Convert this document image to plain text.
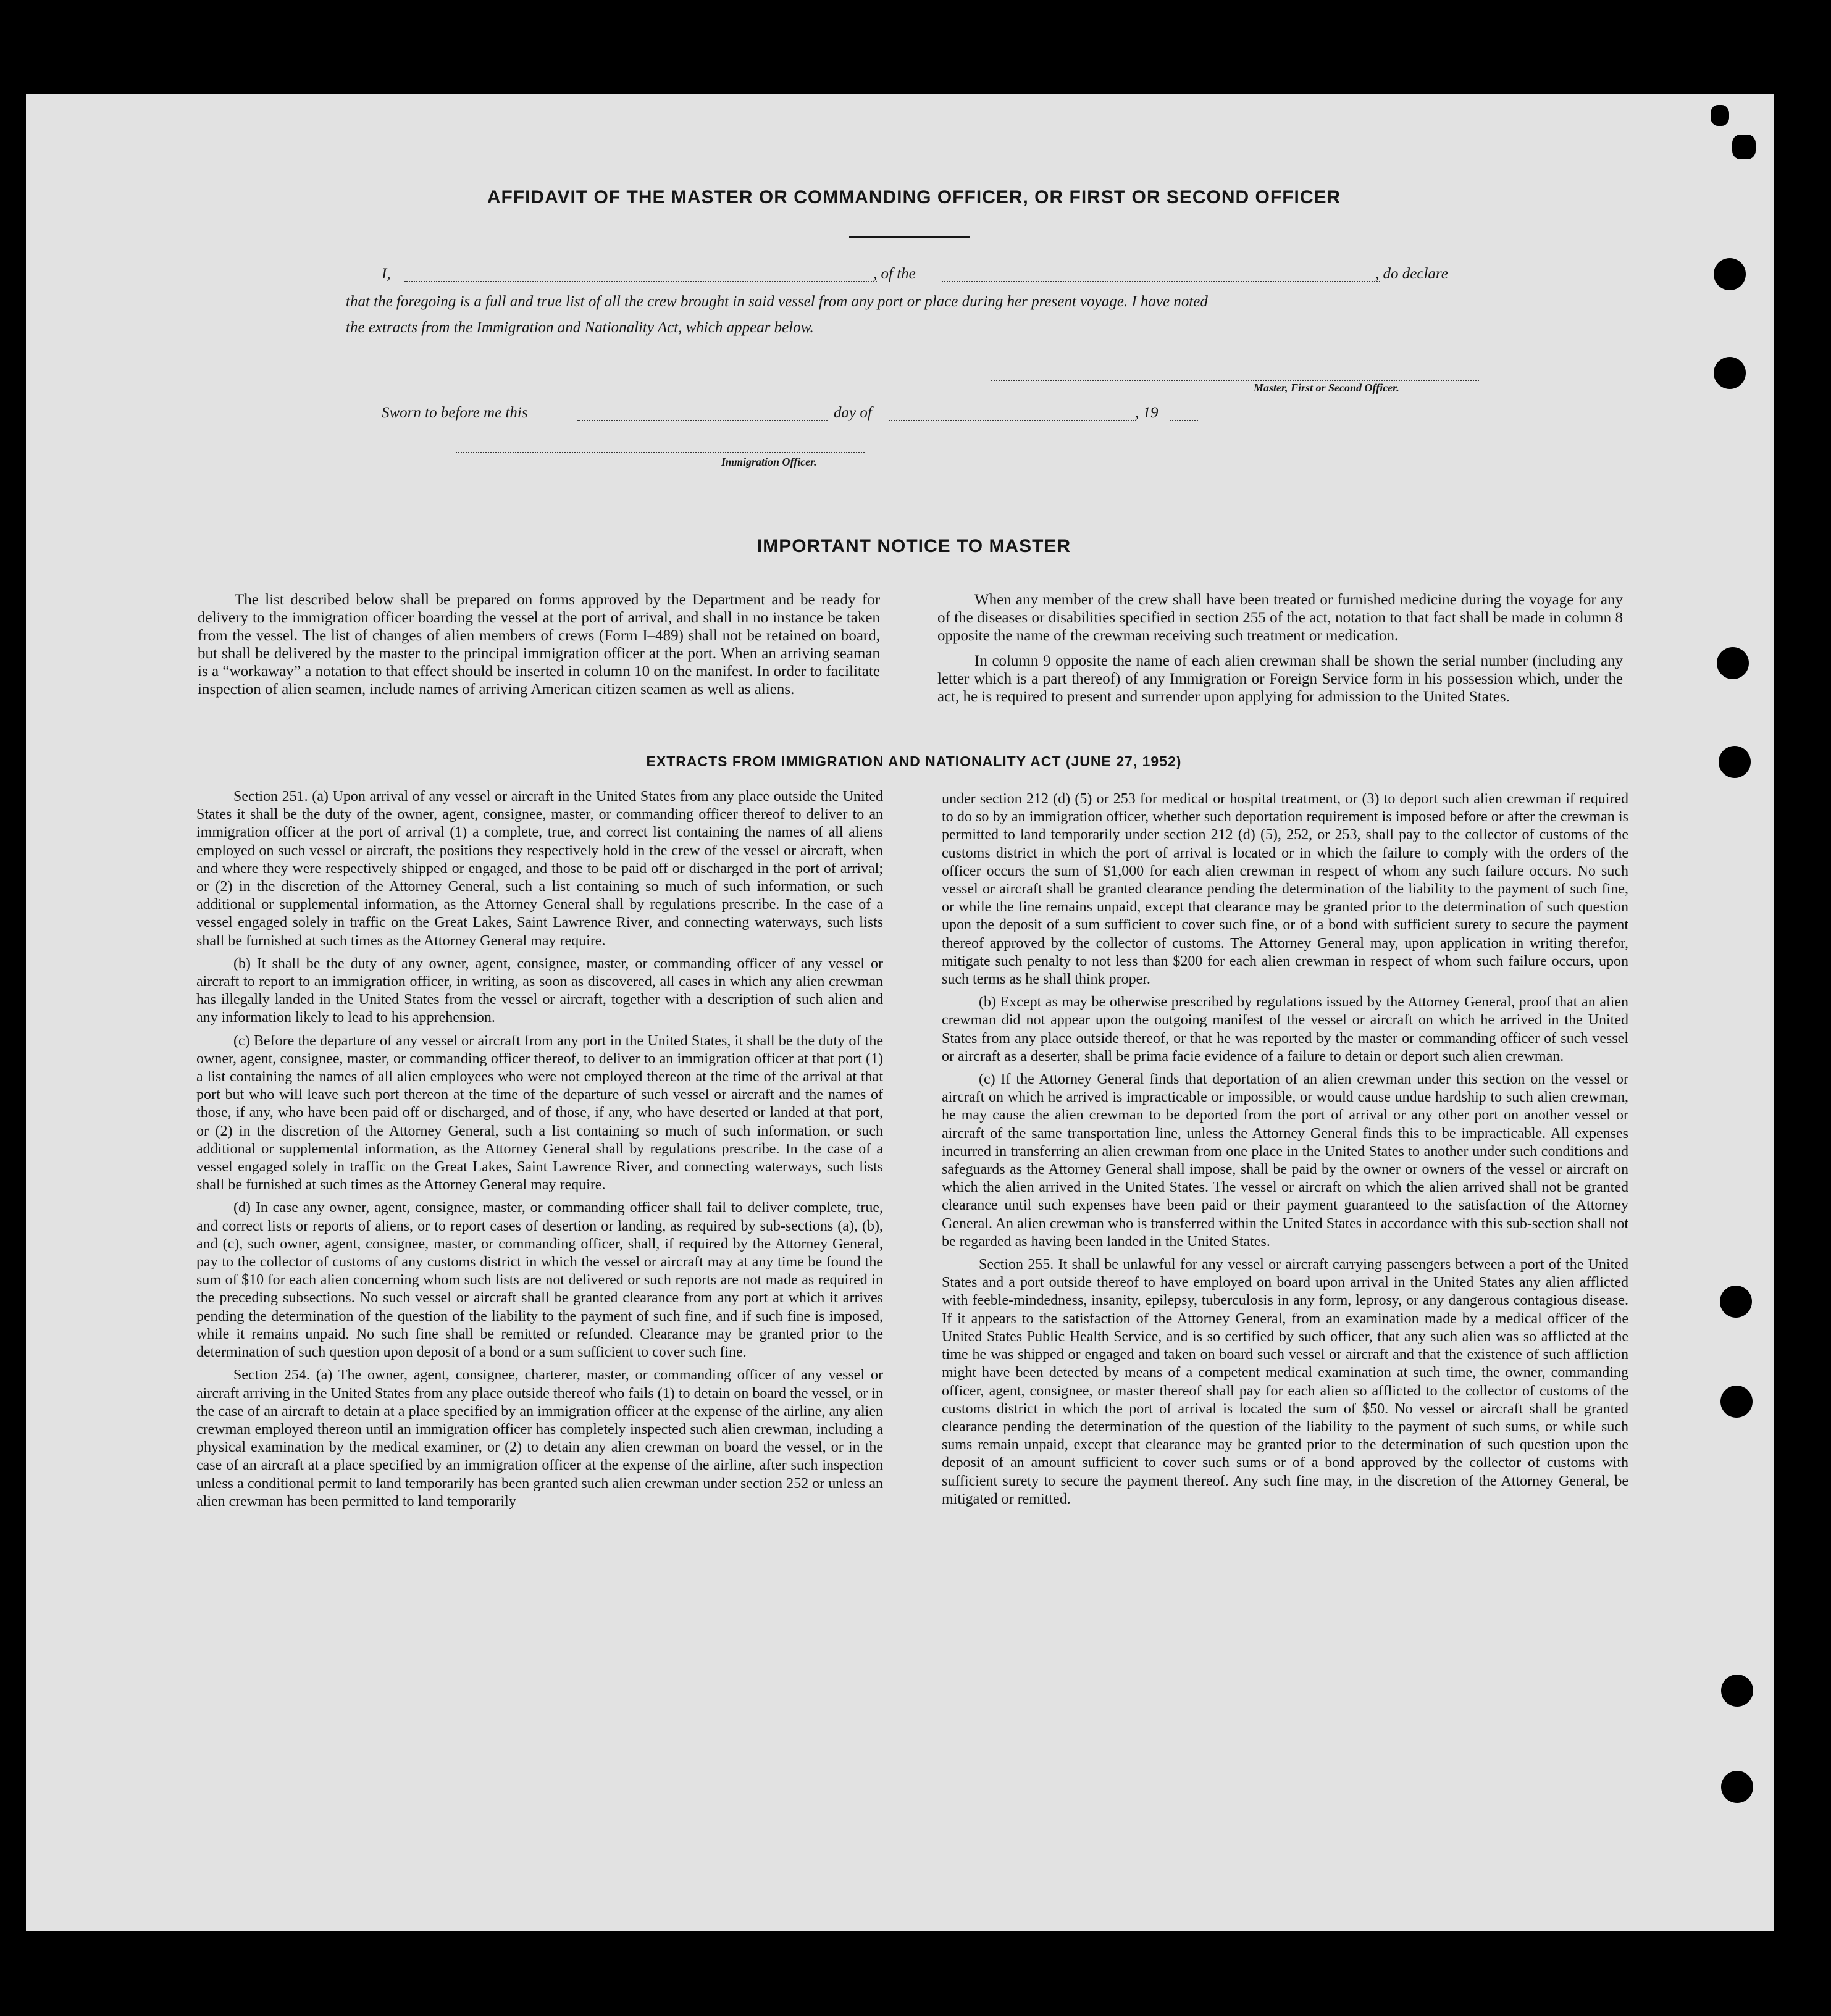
AFFIDAVIT OF THE MASTER OR COMMANDING OFFICER, OR FIRST OR SECOND OFFICER
I,	, of the	, do declare
that the foregoing is a full and true list of all the crew brought in said vessel from any port or place during her present voyage. I have noted
the extracts from the Immigration and Nationality Act, which appear below.
Master, First or Second Officer.
Sworn to before me this	day of	, 19
Immigration Officer.
IMPORTANT NOTICE TO MASTER

The list described below shall be prepared on forms approved by the Department and be ready for delivery to the immigration officer boarding the vessel at the port of arrival, and shall in no instance be taken from the vessel. The list of changes of alien members of crews (Form I–489) shall not be retained on board, but shall be delivered by the master to the principal immigration officer at the port. When an arriving seaman is a “workaway” a notation to that effect should be inserted in column 10 on the manifest. In order to facilitate inspection of alien seamen, include names of arriving American citizen seamen as well as aliens.

When any member of the crew shall have been treated or furnished medicine during the voyage for any of the diseases or disabilities specified in section 255 of the act, notation to that fact shall be made in column 8 opposite the name of the crewman receiving such treatment or medication.

In column 9 opposite the name of each alien crewman shall be shown the serial number (including any letter which is a part thereof) of any Immigration or Foreign Service form in his possession which, under the act, he is required to present and surrender upon applying for admission to the United States.

EXTRACTS FROM IMMIGRATION AND NATIONALITY ACT (JUNE 27, 1952)

Section 251. (a) Upon arrival of any vessel or aircraft in the United States from any place outside the United States it shall be the duty of the owner, agent, consignee, master, or commanding officer thereof to deliver to an immigration officer at the port of arrival (1) a complete, true, and correct list containing the names of all aliens employed on such vessel or aircraft, the positions they respectively hold in the crew of the vessel or aircraft, when and where they were respectively shipped or engaged, and those to be paid off or discharged in the port of arrival; or (2) in the discretion of the Attorney General, such a list containing so much of such information, or such additional or supplemental information, as the Attorney General shall by regulations prescribe. In the case of a vessel engaged solely in traffic on the Great Lakes, Saint Lawrence River, and connecting waterways, such lists shall be furnished at such times as the Attorney General may require.

(b) It shall be the duty of any owner, agent, consignee, master, or commanding officer of any vessel or aircraft to report to an immigration officer, in writing, as soon as discovered, all cases in which any alien crewman has illegally landed in the United States from the vessel or aircraft, together with a description of such alien and any information likely to lead to his apprehension.

(c) Before the departure of any vessel or aircraft from any port in the United States, it shall be the duty of the owner, agent, consignee, master, or commanding officer thereof, to deliver to an immigration officer at that port (1) a list containing the names of all alien employees who were not employed thereon at the time of the arrival at that port but who will leave such port thereon at the time of the departure of such vessel or aircraft and the names of those, if any, who have been paid off or discharged, and of those, if any, who have deserted or landed at that port, or (2) in the discretion of the Attorney General, such a list containing so much of such information, or such additional or supplemental information, as the Attorney General shall by regulations prescribe. In the case of a vessel engaged solely in traffic on the Great Lakes, Saint Lawrence River, and connecting waterways, such lists shall be furnished at such times as the Attorney General may require.

(d) In case any owner, agent, consignee, master, or commanding officer shall fail to deliver complete, true, and correct lists or reports of aliens, or to report cases of desertion or landing, as required by sub-sections (a), (b), and (c), such owner, agent, consignee, master, or commanding officer, shall, if required by the Attorney General, pay to the collector of customs of any customs district in which the vessel or aircraft may at any time be found the sum of $10 for each alien concerning whom such lists are not delivered or such reports are not made as required in the preceding subsections. No such vessel or aircraft shall be granted clearance from any port at which it arrives pending the determination of the question of the liability to the payment of such fine, and if such fine is imposed, while it remains unpaid. No such fine shall be remitted or refunded. Clearance may be granted prior to the determination of such question upon deposit of a bond or a sum sufficient to cover such fine.

Section 254. (a) The owner, agent, consignee, charterer, master, or commanding officer of any vessel or aircraft arriving in the United States from any place outside thereof who fails (1) to detain on board the vessel, or in the case of an aircraft to detain at a place specified by an immigration officer at the expense of the airline, any alien crewman employed thereon until an immigration officer has completely inspected such alien crewman, including a physical examination by the medical examiner, or (2) to detain any alien crewman on board the vessel, or in the case of an aircraft at a place specified by an immigration officer at the expense of the airline, after such inspection unless a conditional permit to land temporarily has been granted such alien crewman under section 252 or unless an alien crewman has been permitted to land temporarily

under section 212 (d) (5) or 253 for medical or hospital treatment, or (3) to deport such alien crewman if required to do so by an immigration officer, whether such deportation requirement is imposed before or after the crewman is permitted to land temporarily under section 212 (d) (5), 252, or 253, shall pay to the collector of customs of the customs district in which the port of arrival is located or in which the failure to comply with the orders of the officer occurs the sum of $1,000 for each alien crewman in respect of whom any such failure occurs. No such vessel or aircraft shall be granted clearance pending the determination of the liability to the payment of such fine, or while the fine remains unpaid, except that clearance may be granted prior to the determination of such question upon the deposit of a sum sufficient to cover such fine, or of a bond with sufficient surety to secure the payment thereof approved by the collector of customs. The Attorney General may, upon application in writing therefor, mitigate such penalty to not less than $200 for each alien crewman in respect of whom such failure occurs, upon such terms as he shall think proper.

(b) Except as may be otherwise prescribed by regulations issued by the Attorney General, proof that an alien crewman did not appear upon the outgoing manifest of the vessel or aircraft on which he arrived in the United States from any place outside thereof, or that he was reported by the master or commanding officer of such vessel or aircraft as a deserter, shall be prima facie evidence of a failure to detain or deport such alien crewman.

(c) If the Attorney General finds that deportation of an alien crewman under this section on the vessel or aircraft on which he arrived is impracticable or impossible, or would cause undue hardship to such alien crewman, he may cause the alien crewman to be deported from the port of arrival or any other port on another vessel or aircraft of the same transportation line, unless the Attorney General finds this to be impracticable. All expenses incurred in transferring an alien crewman from one place in the United States to another under such conditions and safeguards as the Attorney General shall impose, shall be paid by the owner or owners of the vessel or aircraft on which the alien arrived in the United States. The vessel or aircraft on which the alien arrived shall not be granted clearance until such expenses have been paid or their payment guaranteed to the satisfaction of the Attorney General. An alien crewman who is transferred within the United States in accordance with this sub-section shall not be regarded as having been landed in the United States.

Section 255. It shall be unlawful for any vessel or aircraft carrying passengers between a port of the United States and a port outside thereof to have employed on board upon arrival in the United States any alien afflicted with feeble-mindedness, insanity, epilepsy, tuberculosis in any form, leprosy, or any dangerous contagious disease. If it appears to the satisfaction of the Attorney General, from an examination made by a medical officer of the United States Public Health Service, and is so certified by such officer, that any such alien was so afflicted at the time he was shipped or engaged and taken on board such vessel or aircraft and that the existence of such affliction might have been detected by means of a competent medical examination at such time, the owner, commanding officer, agent, consignee, or master thereof shall pay for each alien so afflicted to the collector of customs of the customs district in which the port of arrival is located the sum of $50. No vessel or aircraft shall be granted clearance pending the determination of the question of the liability to the payment of such sums, or while such sums remain unpaid, except that clearance may be granted prior to the determination of such question upon the deposit of an amount sufficient to cover such sums or of a bond approved by the collector of customs with sufficient surety to secure the payment thereof. Any such fine may, in the discretion of the Attorney General, be mitigated or remitted.
